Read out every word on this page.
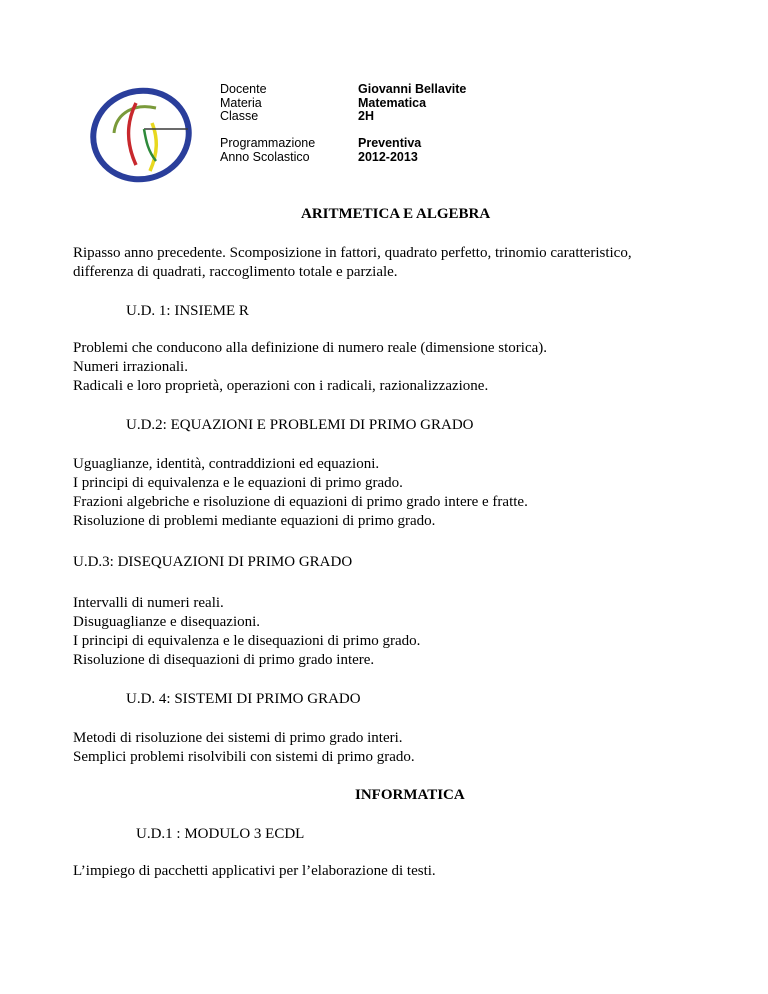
Docente
Materia
Classe
Giovanni Bellavite
Matematica
2H
Programmazione
Anno Scolastico
Preventiva
2012-2013
ARITMETICA E ALGEBRA
Ripasso anno precedente. Scomposizione in fattori, quadrato perfetto, trinomio caratteristico,
differenza di quadrati, raccoglimento totale e parziale.
U.D. 1: INSIEME R
Problemi che conducono alla definizione di numero reale (dimensione storica).
Numeri irrazionali.
Radicali e loro proprietà, operazioni con i radicali, razionalizzazione.
U.D.2: EQUAZIONI E PROBLEMI DI PRIMO GRADO
Uguaglianze, identità, contraddizioni ed equazioni.
I principi di equivalenza e le equazioni di primo grado.
Frazioni algebriche e risoluzione di equazioni di primo grado intere e fratte.
Risoluzione di problemi mediante equazioni di primo grado.
U.D.3: DISEQUAZIONI DI PRIMO GRADO
Intervalli di numeri reali.
Disuguaglianze e disequazioni.
I principi di equivalenza e le disequazioni di primo grado.
Risoluzione di disequazioni di primo grado intere.
U.D. 4: SISTEMI DI PRIMO GRADO
Metodi di risoluzione dei sistemi di primo grado interi.
Semplici problemi risolvibili con sistemi di primo grado.
INFORMATICA
U.D.1 : MODULO 3 ECDL
L’impiego di pacchetti applicativi per l’elaborazione di testi.
